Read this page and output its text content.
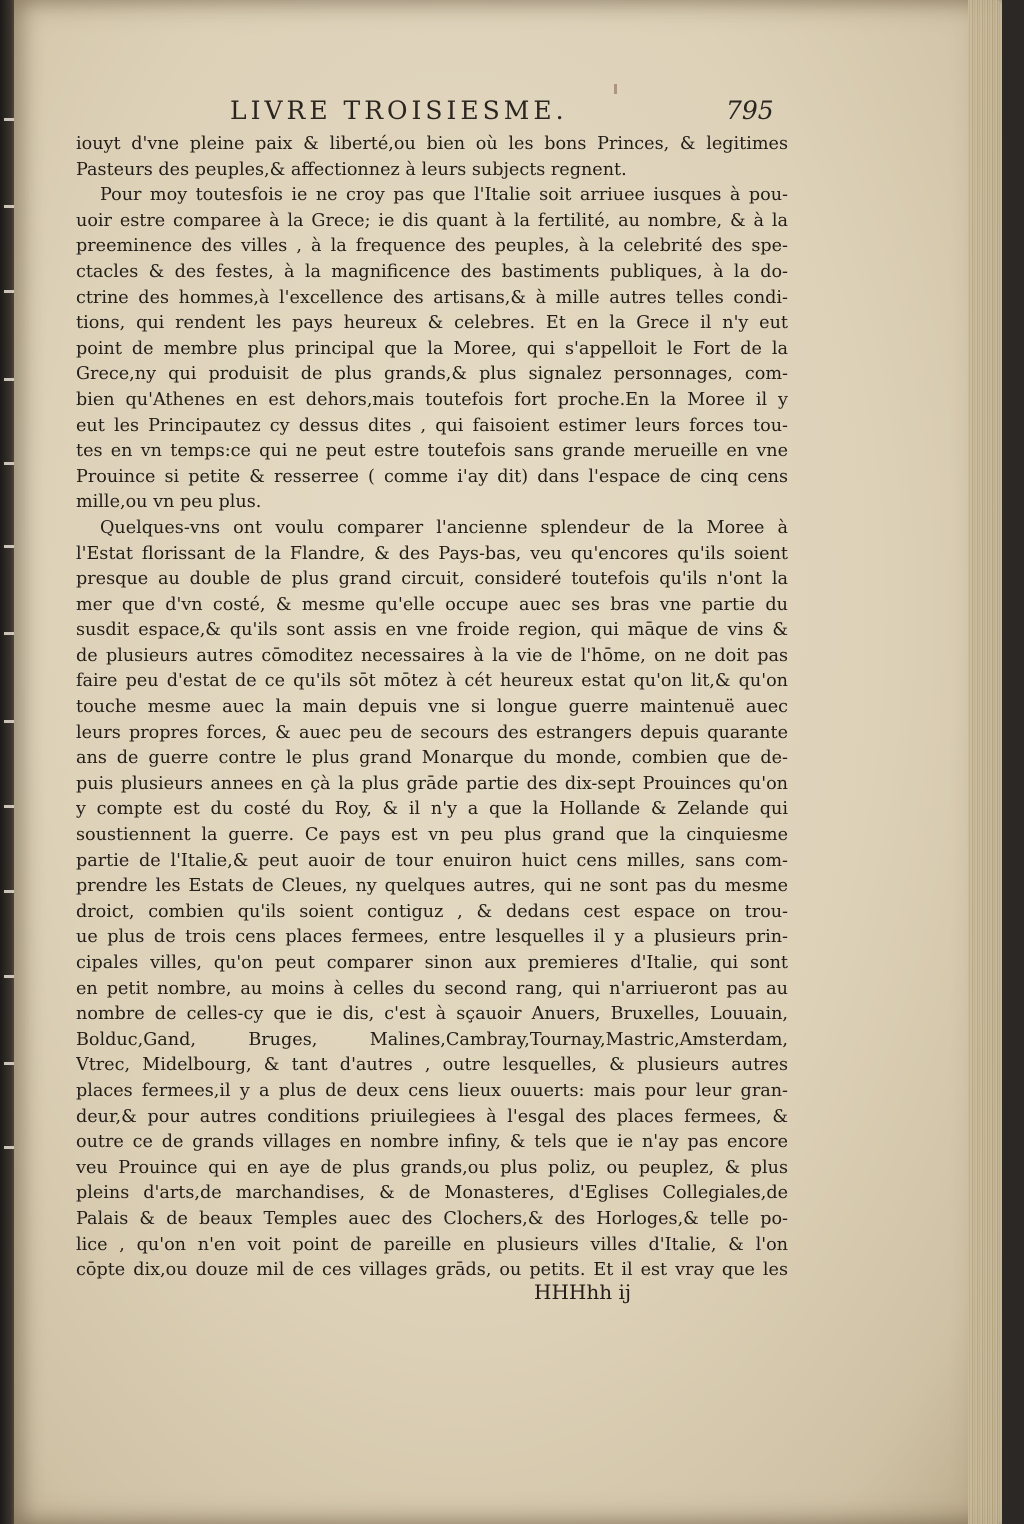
LIVRE TROISIESME.	795
iouyt d'vne pleine paix & liberté,ou bien où les bons Princes, & legitimes
Pasteurs des peuples,& affectionnez à leurs subjects regnent.
Pour moy toutesfois ie ne croy pas que l'Italie soit arriuee iusques à pou-
uoir estre comparee à la Grece; ie dis quant à la fertilité, au nombre, & à la
preeminence des villes , à la frequence des peuples, à la celebrité des spe-
ctacles & des festes, à la magnificence des bastiments publiques, à la do-
ctrine des hommes,à l'excellence des artisans,& à mille autres telles condi-
tions, qui rendent les pays heureux & celebres. Et en la Grece il n'y eut
point de membre plus principal que la Moree, qui s'appelloit le Fort de la
Grece,ny qui produisit de plus grands,& plus signalez personnages, com-
bien qu'Athenes en est dehors,mais toutefois fort proche.En la Moree il y
eut les Principautez cy dessus dites , qui faisoient estimer leurs forces tou-
tes en vn temps:ce qui ne peut estre toutefois sans grande merueille en vne
Prouince si petite & resserree ( comme i'ay dit) dans l'espace de cinq cens
mille,ou vn peu plus.
Quelques-vns ont voulu comparer l'ancienne splendeur de la Moree à
l'Estat florissant de la Flandre, & des Pays-bas, veu qu'encores qu'ils soient
presque au double de plus grand circuit, consideré toutefois qu'ils n'ont la
mer que d'vn costé, & mesme qu'elle occupe auec ses bras vne partie du
susdit espace,& qu'ils sont assis en vne froide region, qui māque de vins &
de plusieurs autres cōmoditez necessaires à la vie de l'hōme, on ne doit pas
faire peu d'estat de ce qu'ils sōt mōtez à cét heureux estat qu'on lit,& qu'on
touche mesme auec la main depuis vne si longue guerre maintenuë auec
leurs propres forces, & auec peu de secours des estrangers depuis quarante
ans de guerre contre le plus grand Monarque du monde, combien que de-
puis plusieurs annees en çà la plus grāde partie des dix-sept Prouinces qu'on
y compte est du costé du Roy, & il n'y a que la Hollande & Zelande qui
soustiennent la guerre. Ce pays est vn peu plus grand que la cinquiesme
partie de l'Italie,& peut auoir de tour enuiron huict cens milles, sans com-
prendre les Estats de Cleues, ny quelques autres, qui ne sont pas du mesme
droict, combien qu'ils soient contiguz , & dedans cest espace on trou-
ue plus de trois cens places fermees, entre lesquelles il y a plusieurs prin-
cipales villes, qu'on peut comparer sinon aux premieres d'Italie, qui sont
en petit nombre, au moins à celles du second rang, qui n'arriueront pas au
nombre de celles-cy que ie dis, c'est à sçauoir Anuers, Bruxelles, Louuain,
Bolduc,Gand, Bruges, Malines,Cambray,Tournay,Mastric,Amsterdam,
Vtrec, Midelbourg, & tant d'autres , outre lesquelles, & plusieurs autres
places fermees,il y a plus de deux cens lieux ouuerts: mais pour leur gran-
deur,& pour autres conditions priuilegiees à l'esgal des places fermees, &
outre ce de grands villages en nombre infiny, & tels que ie n'ay pas encore
veu Prouince qui en aye de plus grands,ou plus poliz, ou peuplez, & plus
pleins d'arts,de marchandises, & de Monasteres, d'Eglises Collegiales,de
Palais & de beaux Temples auec des Clochers,& des Horloges,& telle po-
lice , qu'on n'en voit point de pareille en plusieurs villes d'Italie, & l'on
cōpte dix,ou douze mil de ces villages grāds, ou petits. Et il est vray que les
HHHhh ij
